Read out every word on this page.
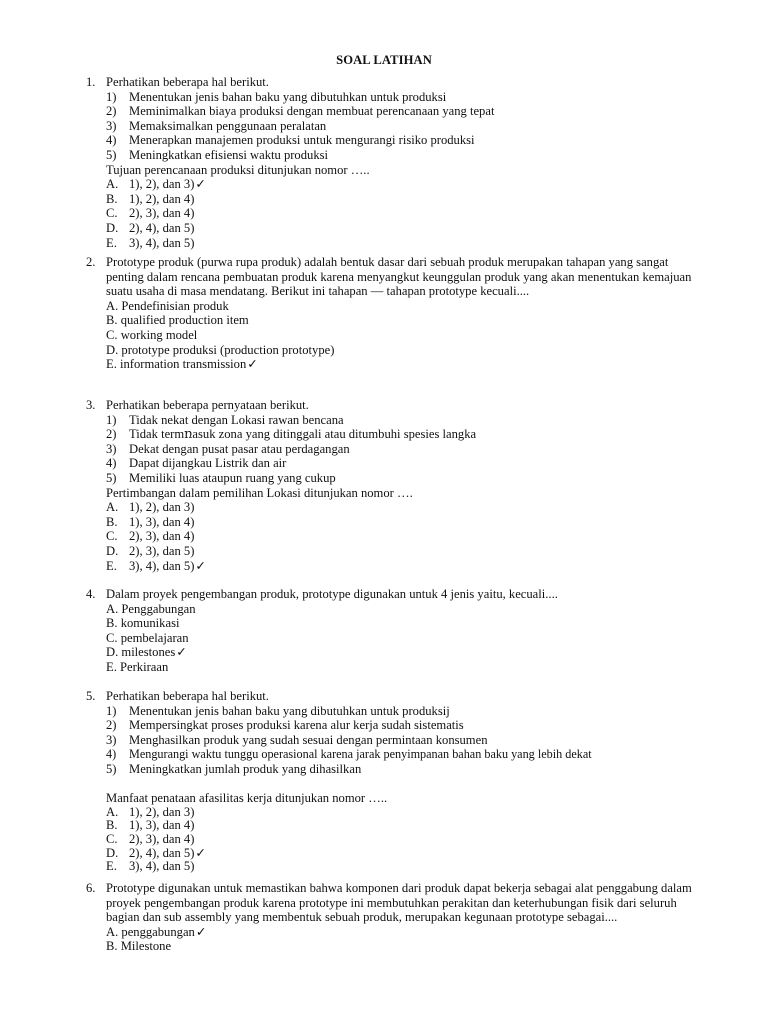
SOAL LATIHAN
1. Perhatikan beberapa hal berikut.
1) Menentukan jenis bahan baku yang dibutuhkan untuk produksi
2) Meminimalkan biaya produksi dengan membuat perencanaan yang tepat
3) Memaksimalkan penggunaan peralatan
4) Menerapkan manajemen produksi untuk mengurangi risiko produksi
5) Meningkatkan efisiensi waktu produksi
Tujuan perencanaan produksi ditunjukan nomor …..
A. 1), 2), dan 3)✓
B. 1), 2), dan 4)
C. 2), 3), dan 4)
D. 2), 4), dan 5)
E. 3), 4), dan 5)
2. Prototype produk (purwa rupa produk) adalah bentuk dasar dari sebuah produk merupakan tahapan yang sangat penting dalam rencana pembuatan produk karena menyangkut keunggulan produk yang akan menentukan kemajuan suatu usaha di masa mendatang. Berikut ini tahapan — tahapan prototype kecuali....
A. Pendefinisian produk
B. qualified production item
C. working model
D. prototype produksi (production prototype)
E. information transmission✓
3. Perhatikan beberapa pernyataan berikut.
1) Tidak nekat dengan Lokasi rawan bencana
2) Tidak termռasuk zona yang ditinggali atau ditumbuhi spesies langka
3) Dekat dengan pusat pasar atau perdagangan
4) Dapat dijangkau Listrik dan air
5) Memiliki luas ataupun ruang yang cukup
Pertimbangan dalam pemilihan Lokasi ditunjukan nomor ….
A. 1), 2), dan 3)
B. 1), 3), dan 4)
C. 2), 3), dan 4)
D. 2), 3), dan 5)
E. 3), 4), dan 5)✓
4. Dalam proyek pengembangan produk, prototype digunakan untuk 4 jenis yaitu, kecuali....
A. Penggabungan
B. komunikasi
C. pembelajaran
D. milestones✓
E. Perkiraan
5. Perhatikan beberapa hal berikut.
1) Menentukan jenis bahan baku yang dibutuhkan untuk produksij
2) Mempersingkat proses produksi karena alur kerja sudah sistematis
3) Menghasilkan produk yang sudah sesuai dengan permintaan konsumen
4) Mengurangi waktu tunggu operasional karena jarak penyimpanan bahan baku yang lebih dekat
5) Meningkatkan jumlah produk yang dihasilkan
Manfaat penataan afasilitas kerja ditunjukan nomor …..
A. 1), 2), dan 3)
B. 1), 3), dan 4)
C. 2), 3), dan 4)
D. 2), 4), dan 5)✓
E. 3), 4), dan 5)
6. Prototype digunakan untuk memastikan bahwa komponen dari produk dapat bekerja sebagai alat penggabung dalam proyek pengembangan produk karena prototype ini membutuhkan perakitan dan keterhubungan fisik dari seluruh bagian dan sub assembly yang membentuk sebuah produk, merupakan kegunaan prototype sebagai....
A. penggabungan✓
B. Milestone
